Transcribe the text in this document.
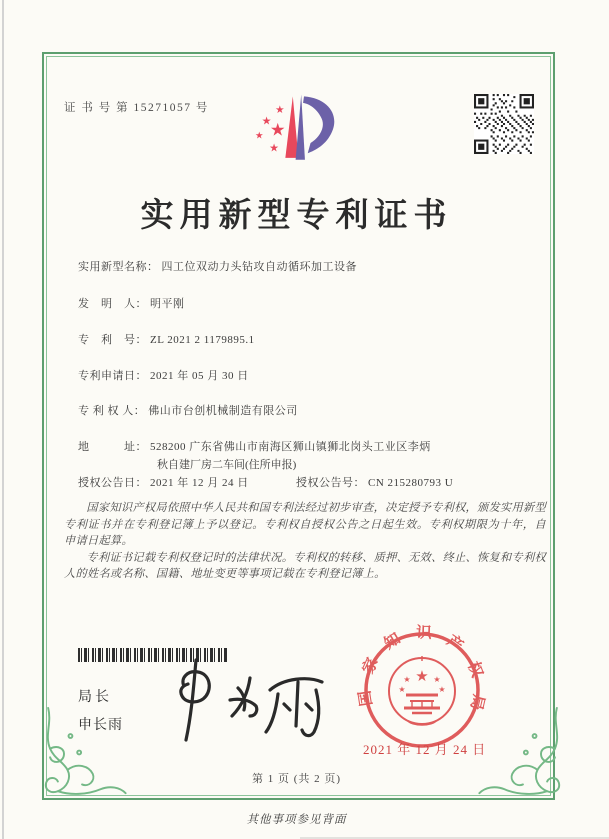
证 书 号 第 15271057 号	★
★
★
★
★
实用新型专利证书
实用新型名称： 四工位双动力头钻攻自动循环加工设备
发　明　人： 明平刚
专　利　号： ZL 2021 2 1179895.1
专利申请日： 2021 年 05 月 30 日
专 利 权 人： 佛山市台创机械制造有限公司
地　　　址： 528200 广东省佛山市南海区狮山镇狮北岗头工业区李炳
秋自建厂房二车间(住所申报)
授权公告日： 2021 年 12 月 24 日	授权公告号： CN 215280793 U

国家知识产权局依照中华人民共和国专利法经过初步审查，决定授予专利权，颁发实用新型专利证书并在专利登记簿上予以登记。专利权自授权公告之日起生效。专利权期限为十年，自申请日起算。

专利证书记载专利权登记时的法律状况。专利权的转移、质押、无效、终止、恢复和专利权人的姓名或名称、国籍、地址变更等事项记载在专利登记簿上。

局长
申长雨
国家知识产权局
★
★	★
★	★
2021 年 12 月 24 日
第 1 页 (共 2 页)
其他事项参见背面
